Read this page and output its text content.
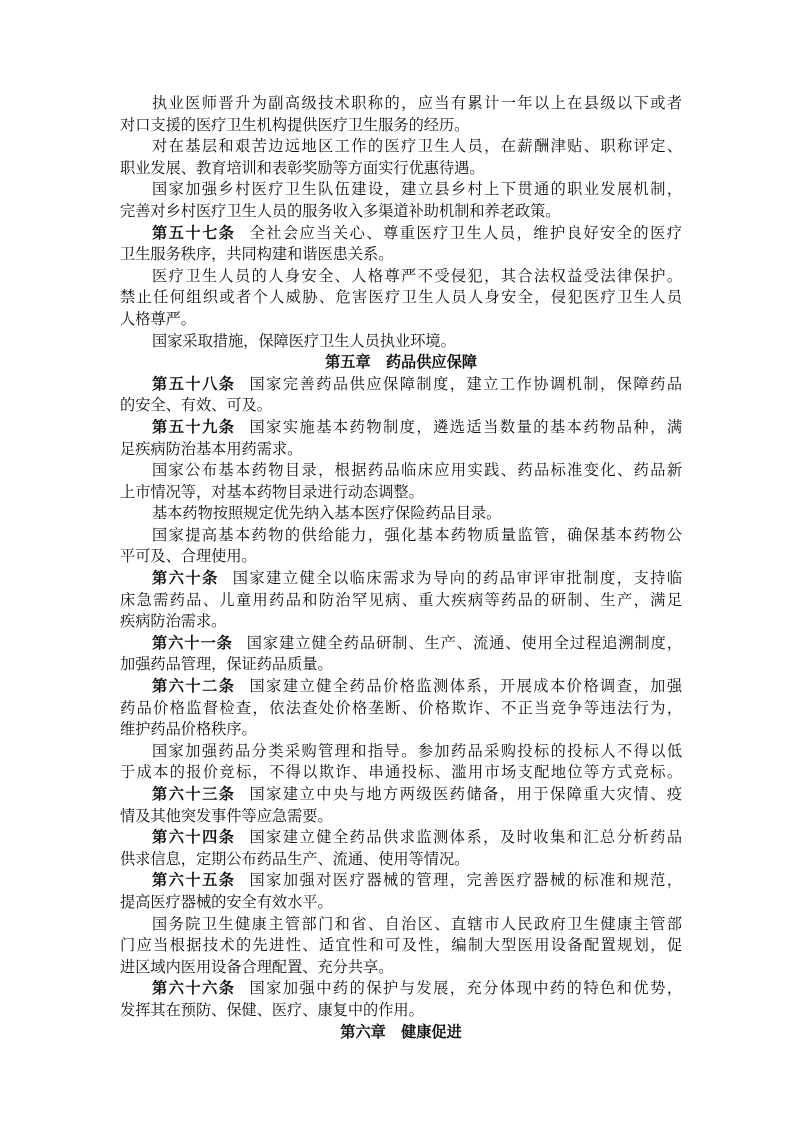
执业医师晋升为副高级技术职称的，应当有累计一年以上在县级以下或者
对口支援的医疗卫生机构提供医疗卫生服务的经历。
对在基层和艰苦边远地区工作的医疗卫生人员，在薪酬津贴、职称评定、
职业发展、教育培训和表彰奖励等方面实行优惠待遇。
国家加强乡村医疗卫生队伍建设，建立县乡村上下贯通的职业发展机制，
完善对乡村医疗卫生人员的服务收入多渠道补助机制和养老政策。
第五十七条 全社会应当关心、尊重医疗卫生人员，维护良好安全的医疗
卫生服务秩序，共同构建和谐医患关系。
医疗卫生人员的人身安全、人格尊严不受侵犯，其合法权益受法律保护。
禁止任何组织或者个人威胁、危害医疗卫生人员人身安全，侵犯医疗卫生人员
人格尊严。
国家采取措施，保障医疗卫生人员执业环境。
第五章　药品供应保障
第五十八条 国家完善药品供应保障制度，建立工作协调机制，保障药品
的安全、有效、可及。
第五十九条 国家实施基本药物制度，遴选适当数量的基本药物品种，满
足疾病防治基本用药需求。
国家公布基本药物目录，根据药品临床应用实践、药品标准变化、药品新
上市情况等，对基本药物目录进行动态调整。
基本药物按照规定优先纳入基本医疗保险药品目录。
国家提高基本药物的供给能力，强化基本药物质量监管，确保基本药物公
平可及、合理使用。
第六十条 国家建立健全以临床需求为导向的药品审评审批制度，支持临
床急需药品、儿童用药品和防治罕见病、重大疾病等药品的研制、生产，满足
疾病防治需求。
第六十一条 国家建立健全药品研制、生产、流通、使用全过程追溯制度，
加强药品管理，保证药品质量。
第六十二条 国家建立健全药品价格监测体系，开展成本价格调查，加强
药品价格监督检查，依法查处价格垄断、价格欺诈、不正当竞争等违法行为，
维护药品价格秩序。
国家加强药品分类采购管理和指导。参加药品采购投标的投标人不得以低
于成本的报价竞标，不得以欺诈、串通投标、滥用市场支配地位等方式竞标。
第六十三条 国家建立中央与地方两级医药储备，用于保障重大灾情、疫
情及其他突发事件等应急需要。
第六十四条 国家建立健全药品供求监测体系，及时收集和汇总分析药品
供求信息，定期公布药品生产、流通、使用等情况。
第六十五条 国家加强对医疗器械的管理，完善医疗器械的标准和规范，
提高医疗器械的安全有效水平。
国务院卫生健康主管部门和省、自治区、直辖市人民政府卫生健康主管部
门应当根据技术的先进性、适宜性和可及性，编制大型医用设备配置规划，促
进区域内医用设备合理配置、充分共享。
第六十六条 国家加强中药的保护与发展，充分体现中药的特色和优势，
发挥其在预防、保健、医疗、康复中的作用。
第六章　健康促进
